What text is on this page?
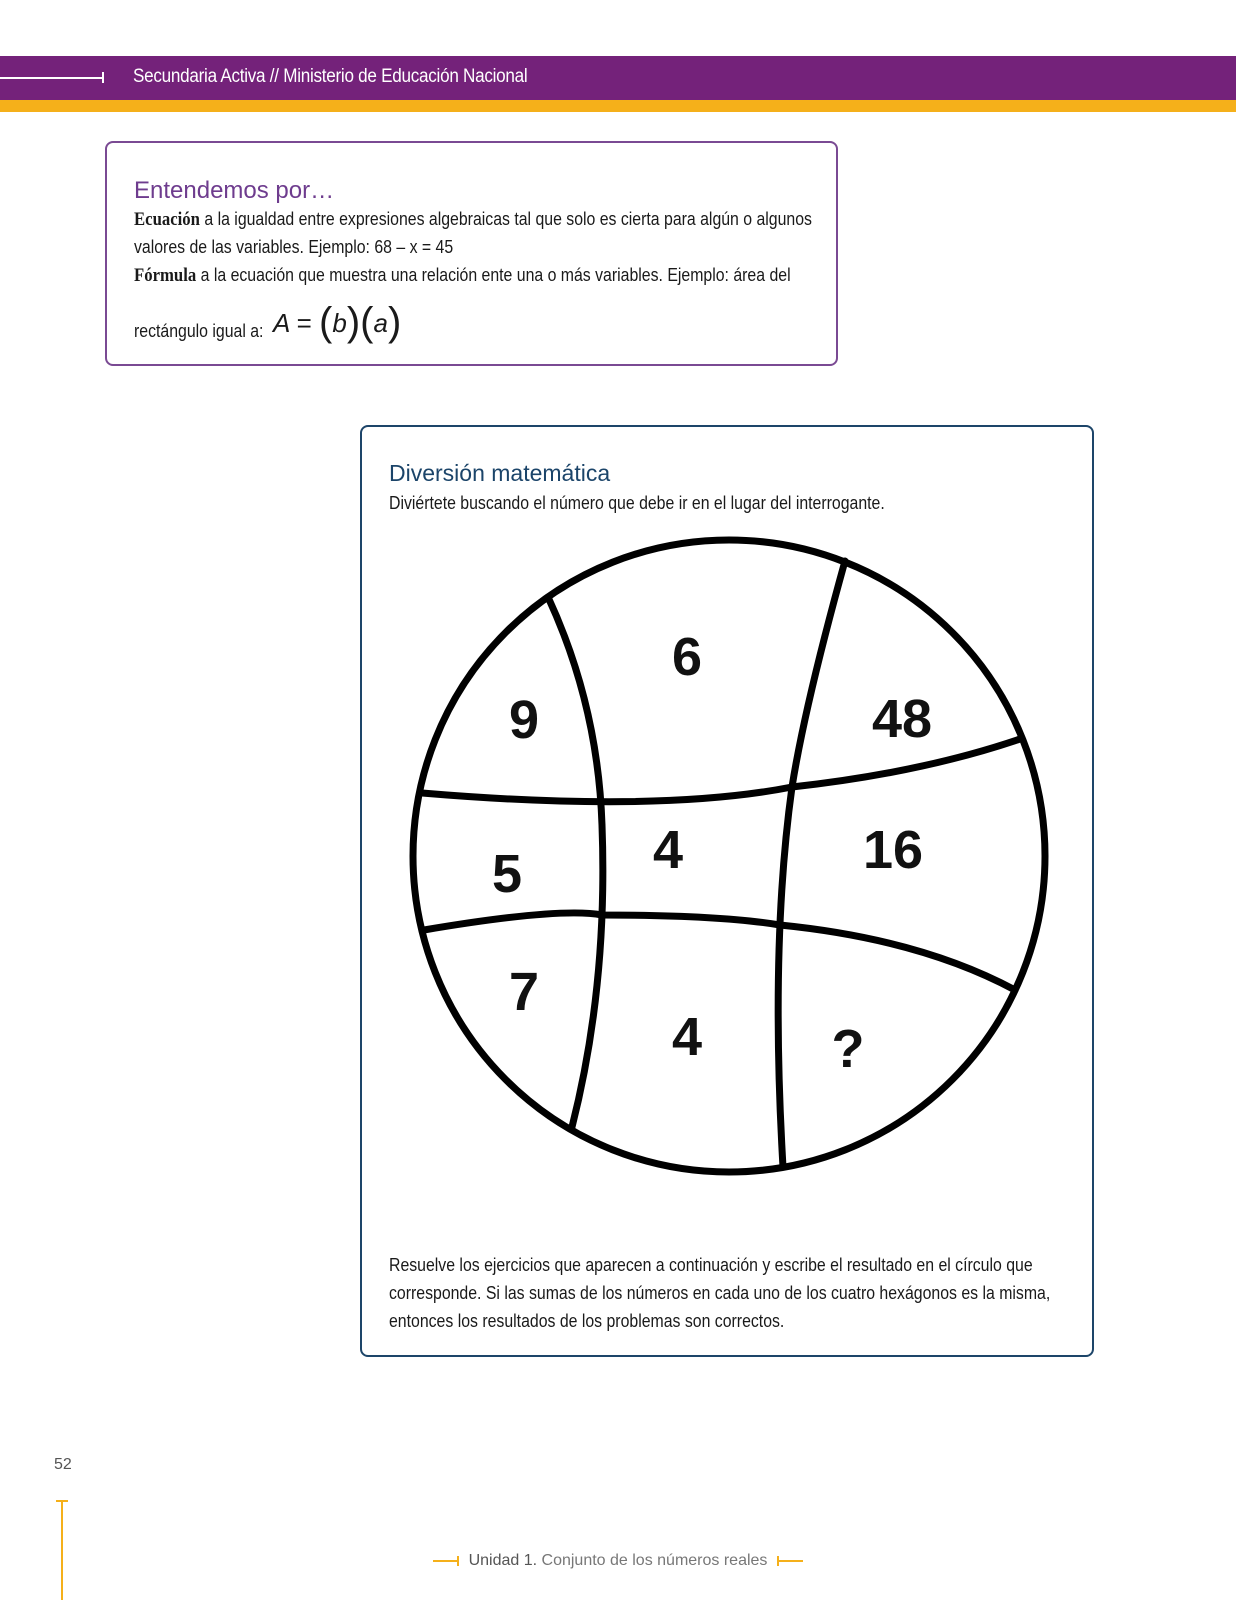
Secundaria Activa // Ministerio de Educación Nacional
Entendemos por…
Ecuación a la igualdad entre expresiones algebraicas tal que solo es cierta para algún o algunos
valores de las variables. Ejemplo: 68 – x = 45
Fórmula a la ecuación que muestra una relación ente una o más variables. Ejemplo: área del
rectángulo igual a: A = (b)(a)
Diversión matemática
Diviértete buscando el número que debe ir en el lugar del interrogante.
Resuelve los ejercicios que aparecen a continuación y escribe el resultado en el círculo que
corresponde. Si las sumas de los números en cada uno de los cuatro hexágonos es la misma,
entonces los resultados de los problemas son correctos.
9
6
48
5 4	16
7
4 ?
52
Unidad 1. Conjunto de los números reales
